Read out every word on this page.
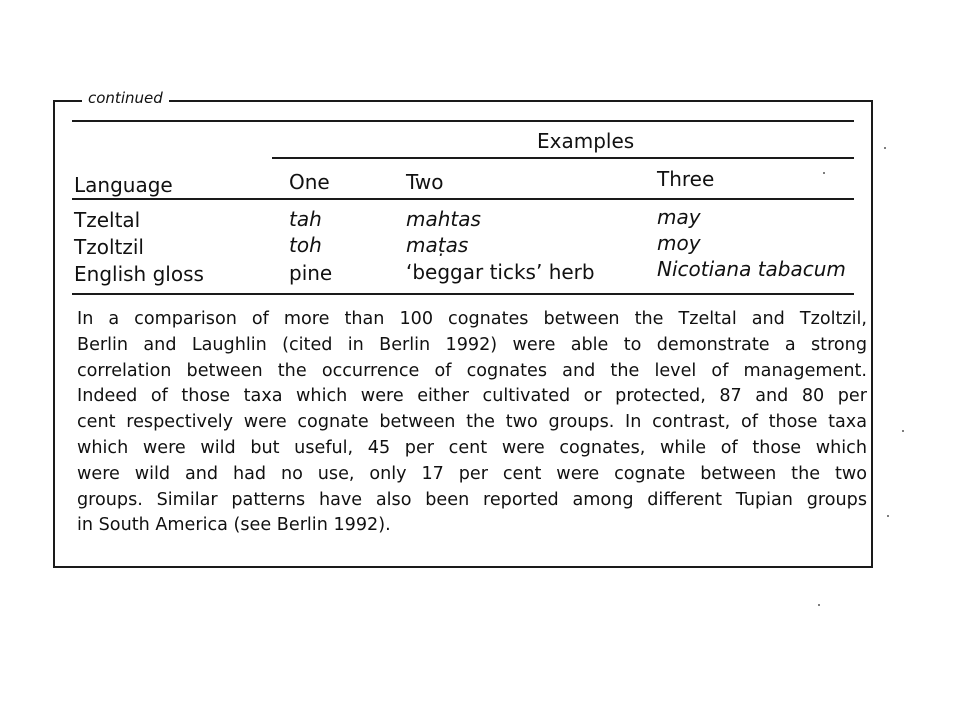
continued
Examples
Language	One	Two	Three
Tzeltal	tah	mahtas	may
Tzoltzil	toh	maṭas	moy
English gloss	pine	‘beggar ticks’ herb	Nicotiana tabacum
In a comparison of more than 100 cognates between the Tzeltal and Tzoltzil,
Berlin and Laughlin (cited in Berlin 1992) were able to demonstrate a strong
correlation between the occurrence of cognates and the level of management.
Indeed of those taxa which were either cultivated or protected, 87 and 80 per
cent respectively were cognate between the two groups. In contrast, of those taxa
which were wild but useful, 45 per cent were cognates, while of those which
were wild and had no use, only 17 per cent were cognate between the two
groups. Similar patterns have also been reported among different Tupian groups
in South America (see Berlin 1992).
